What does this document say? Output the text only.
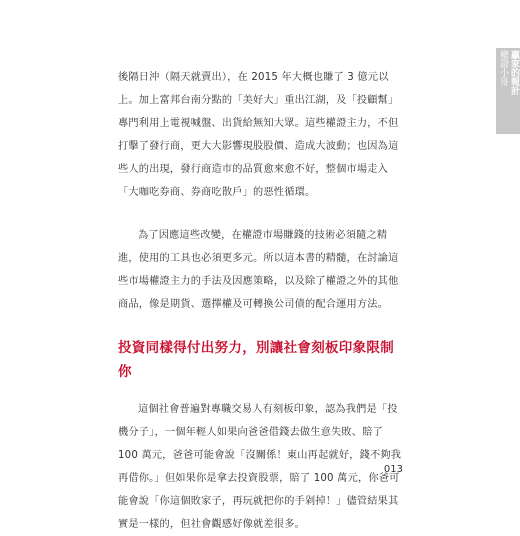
權證小哥 贏家的報計

後隔日沖（隔天就賣出），在 2015 年大概也賺了 3 億元以上。加上富邦台南分點的「美好大」重出江湖，及「投顧幫」專門利用上電視喊盤、出貨給無知大眾。這些權證主力，不但打擊了發行商，更大大影響現股股價、造成大波動；也因為這些人的出現，發行商造市的品質愈來愈不好，整個市場走入「大咖吃券商、券商吃散戶」的惡性循環。

為了因應這些改變，在權證市場賺錢的技術必須隨之精進，使用的工具也必須更多元。所以這本書的精髓，在討論這些市場權證主力的手法及因應策略，以及除了權證之外的其他商品，像是期貨、選擇權及可轉換公司債的配合運用方法。

投資同樣得付出努力，別讓社會刻板印象限制你

這個社會普遍對專職交易人有刻板印象，認為我們是「投機分子」，一個年輕人如果向爸爸借錢去做生意失敗、賠了 100 萬元，爸爸可能會說「沒關係！東山再起就好，錢不夠我再借你。」但如果你是拿去投資股票，賠了 100 萬元，你爸可能會說「你這個敗家子，再玩就把你的手剁掉！」儘管結果其實是一樣的，但社會觀感好像就差很多。

013
